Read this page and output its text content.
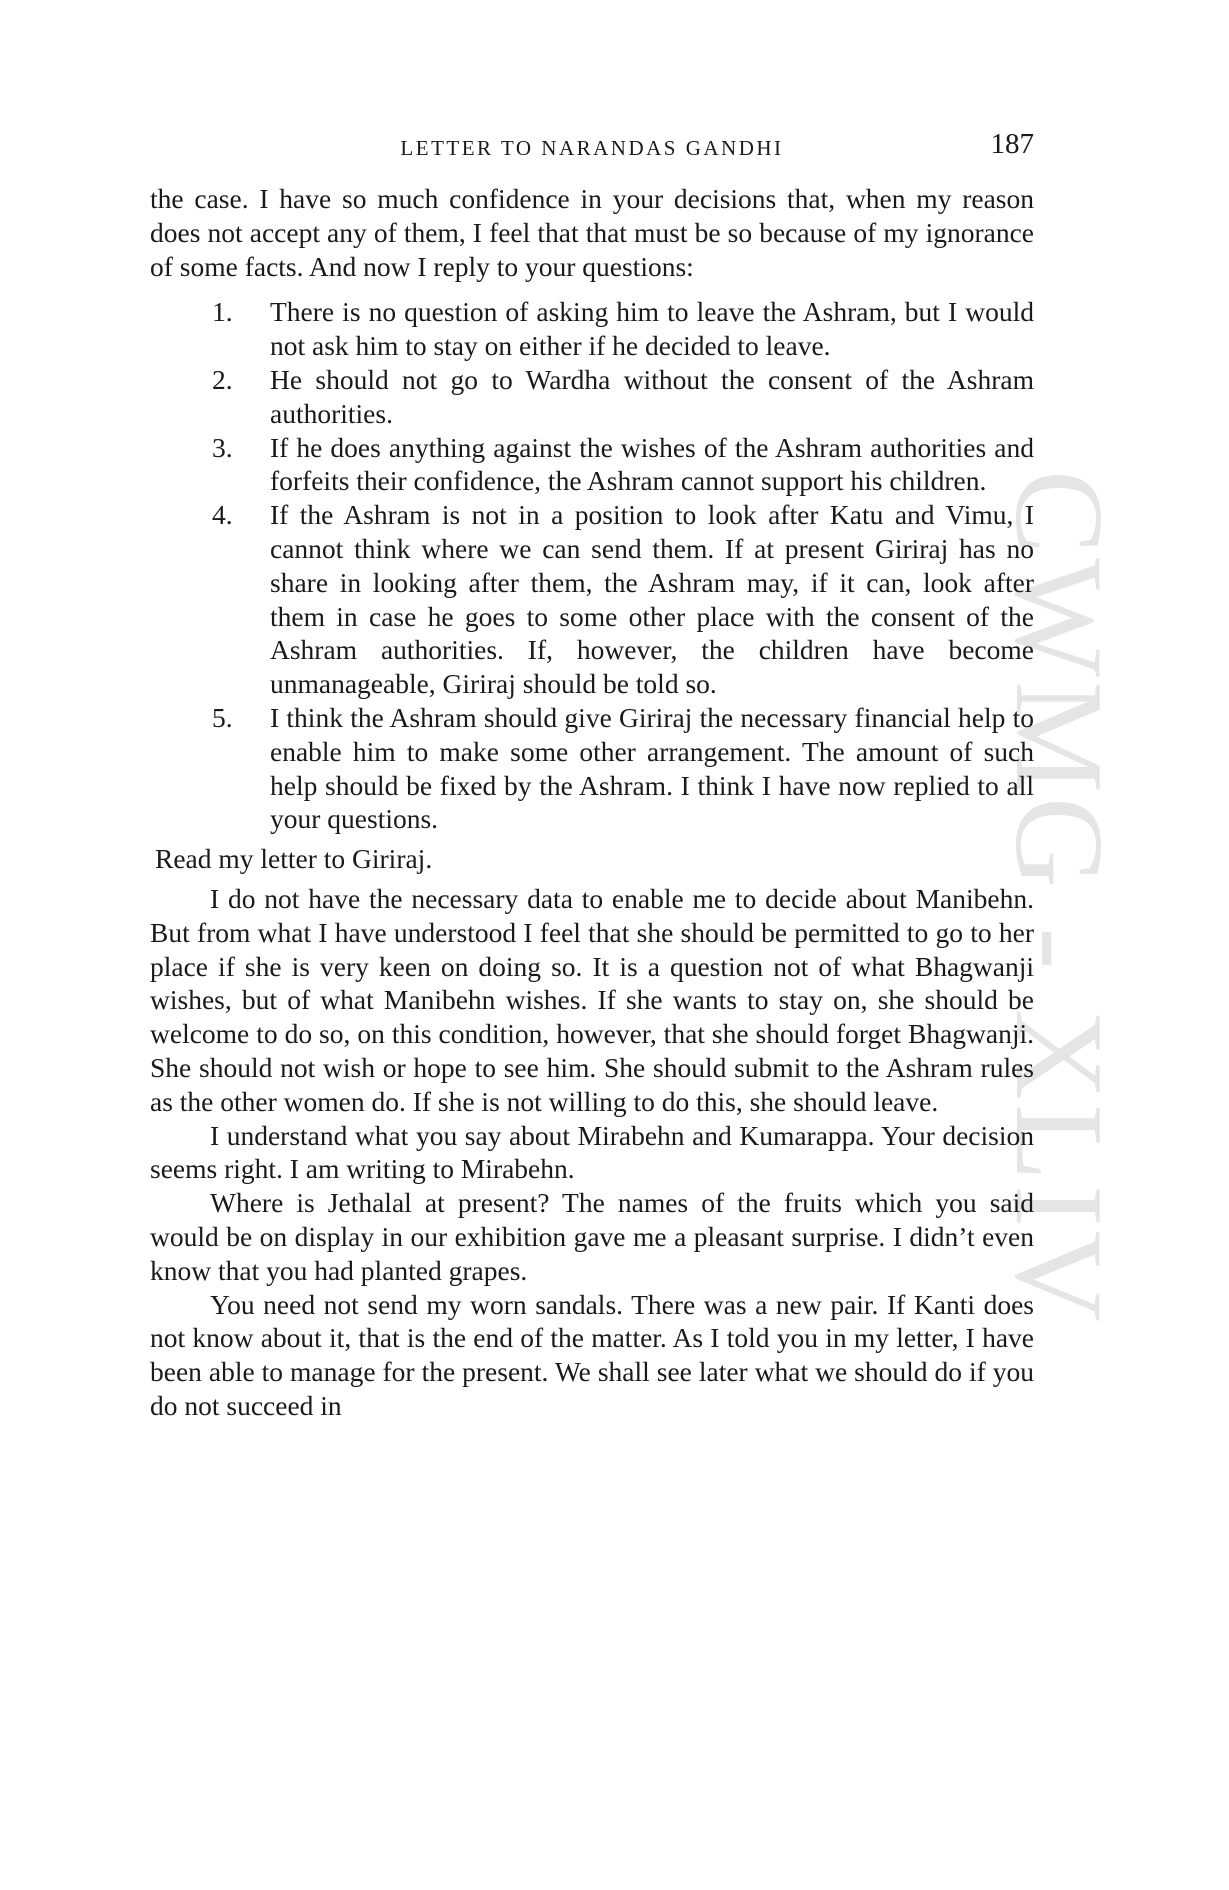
LETTER TO NARANDAS GANDHI	187
CWMG - XLIV

the case. I have so much confidence in your decisions that, when my reason does not accept any of them, I feel that that must be so because of my ignorance of some facts. And now I reply to your questions:

1. There is no question of asking him to leave the Ashram, but I would not ask him to stay on either if he decided to leave.
2. He should not go to Wardha without the consent of the Ashram authorities.
3. If he does anything against the wishes of the Ashram authorities and forfeits their confidence, the Ashram cannot support his children.
4. If the Ashram is not in a position to look after Katu and Vimu, I cannot think where we can send them. If at present Giriraj has no share in looking after them, the Ashram may, if it can, look after them in case he goes to some other place with the consent of the Ashram authorities. If, however, the children have become unmanageable, Giriraj should be told so.
5. I think the Ashram should give Giriraj the necessary financial help to enable him to make some other arrangement. The amount of such help should be fixed by the Ashram. I think I have now replied to all your questions.

Read my letter to Giriraj.

I do not have the necessary data to enable me to decide about Manibehn. But from what I have understood I feel that she should be permitted to go to her place if she is very keen on doing so. It is a question not of what Bhagwanji wishes, but of what Manibehn wishes. If she wants to stay on, she should be welcome to do so, on this condition, however, that she should forget Bhagwanji. She should not wish or hope to see him. She should submit to the Ashram rules as the other women do. If she is not willing to do this, she should leave.

I understand what you say about Mirabehn and Kumarappa. Your decision seems right. I am writing to Mirabehn.

Where is Jethalal at present? The names of the fruits which you said would be on display in our exhibition gave me a pleasant surprise. I didn’t even know that you had planted grapes.

You need not send my worn sandals. There was a new pair. If Kanti does not know about it, that is the end of the matter. As I told you in my letter, I have been able to manage for the present. We shall see later what we should do if you do not succeed in
